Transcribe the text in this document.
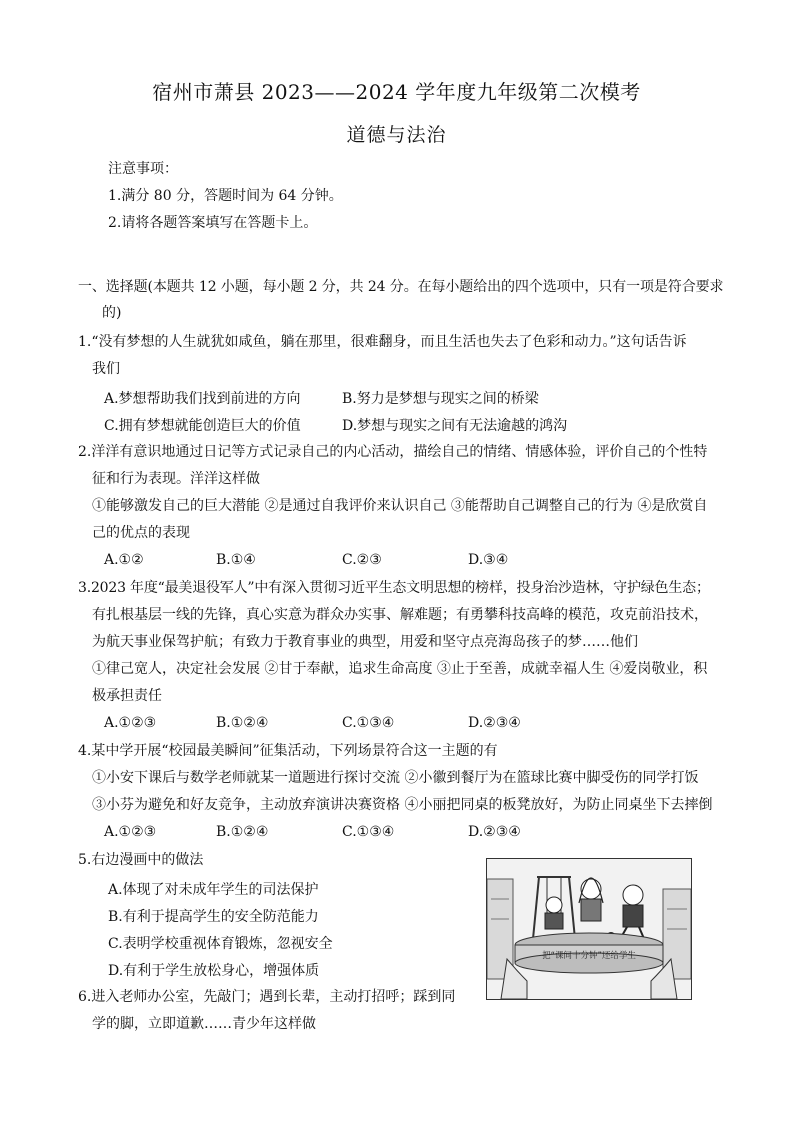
宿州市萧县 2023——2024 学年度九年级第二次模考
道德与法治
注意事项：
1.满分 80 分，答题时间为 64 分钟。
2.请将各题答案填写在答题卡上。
一、选择题(本题共 12 小题，每小题 2 分，共 24 分。在每小题给出的四个选项中，只有一项是符合要求
的)
1.“没有梦想的人生就犹如咸鱼，躺在那里，很难翻身，而且生活也失去了色彩和动力。”这句话告诉
我们
A.梦想帮助我们找到前进的方向	B.努力是梦想与现实之间的桥梁
C.拥有梦想就能创造巨大的价值	D.梦想与现实之间有无法逾越的鸿沟
2.洋洋有意识地通过日记等方式记录自己的内心活动，描绘自己的情绪、情感体验，评价自己的个性特
征和行为表现。洋洋这样做
①能够激发自己的巨大潜能 ②是通过自我评价来认识自己 ③能帮助自己调整自己的行为 ④是欣赏自
己的优点的表现
A.①②	B.①④	C.②③	D.③④
3.2023 年度“最美退役军人”中有深入贯彻习近平生态文明思想的榜样，投身治沙造林，守护绿色生态；
有扎根基层一线的先锋，真心实意为群众办实事、解难题；有勇攀科技高峰的模范，攻克前沿技术，
为航天事业保驾护航；有致力于教育事业的典型，用爱和坚守点亮海岛孩子的梦……他们
①律己宽人，决定社会发展 ②甘于奉献，追求生命高度 ③止于至善，成就幸福人生 ④爱岗敬业，积
极承担责任
A.①②③	B.①②④	C.①③④	D.②③④
4.某中学开展“校园最美瞬间”征集活动，下列场景符合这一主题的有
①小安下课后与数学老师就某一道题进行探讨交流 ②小徽到餐厅为在篮球比赛中脚受伤的同学打饭
③小芬为避免和好友竞争，主动放弃演讲决赛资格 ④小丽把同桌的板凳放好，为防止同桌坐下去摔倒
A.①②③	B.①②④	C.①③④	D.②③④
5.右边漫画中的做法
A.体现了对未成年学生的司法保护
B.有利于提高学生的安全防范能力
C.表明学校重视体育锻炼，忽视安全
D.有利于学生放松身心，增强体质
把“课间十分钟”还给学生
6.进入老师办公室，先敲门；遇到长辈，主动打招呼；踩到同
学的脚，立即道歉……青少年这样做
